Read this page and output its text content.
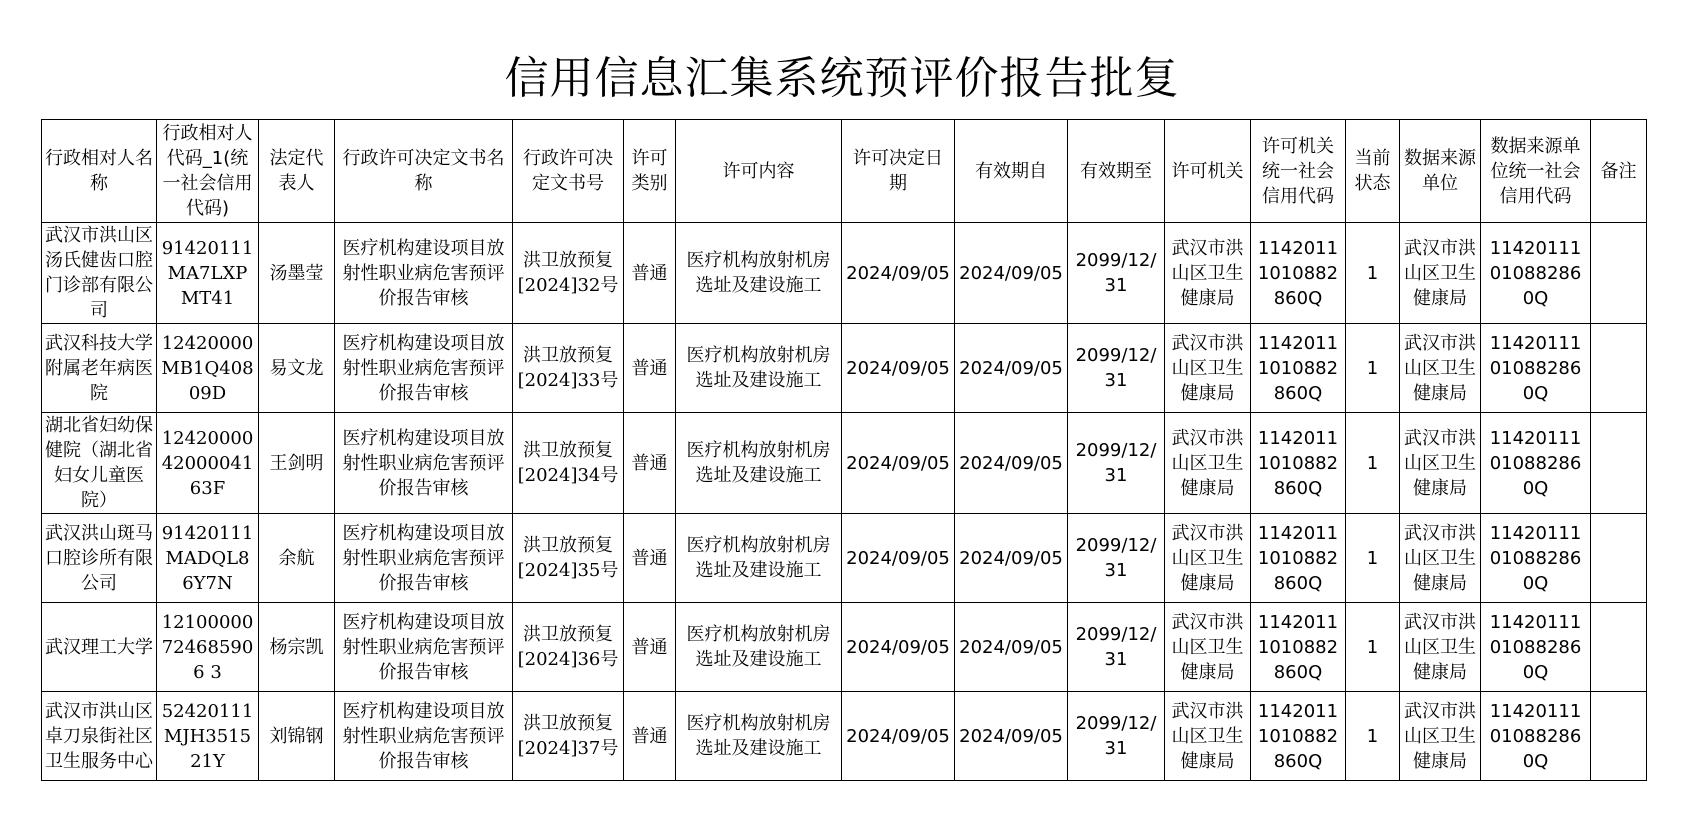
信用信息汇集系统预评价报告批复
行政相对人名称	行政相对人代码_1(统一社会信用代码)	法定代表人	行政许可决定文书名称	行政许可决定文书号	许可类别	许可内容	许可决定日期	有效期自	有效期至	许可机关	许可机关统一社会信用代码	当前状态	数据来源单位	数据来源单位统一社会信用代码	备注
武汉市洪山区汤氏健齿口腔门诊部有限公司	91420111MA7LXPMT41	汤墨莹	医疗机构建设项目放射性职业病危害预评价报告审核	洪卫放预复[2024]32号	普通	医疗机构放射机房选址及建设施工	2024/09/05	2024/09/05	2099/12/31	武汉市洪山区卫生健康局	11420111010882860Q	1	武汉市洪山区卫生健康局	11420111010882860Q	
武汉科技大学附属老年病医院	12420000MB1Q40809D	易文龙	医疗机构建设项目放射性职业病危害预评价报告审核	洪卫放预复[2024]33号	普通	医疗机构放射机房选址及建设施工	2024/09/05	2024/09/05	2099/12/31	武汉市洪山区卫生健康局	11420111010882860Q	1	武汉市洪山区卫生健康局	11420111010882860Q	
湖北省妇幼保健院（湖北省妇女儿童医院）	124200004200004163F	王剑明	医疗机构建设项目放射性职业病危害预评价报告审核	洪卫放预复[2024]34号	普通	医疗机构放射机房选址及建设施工	2024/09/05	2024/09/05	2099/12/31	武汉市洪山区卫生健康局	11420111010882860Q	1	武汉市洪山区卫生健康局	11420111010882860Q	
武汉洪山斑马口腔诊所有限公司	91420111MADQL86Y7N	余航	医疗机构建设项目放射性职业病危害预评价报告审核	洪卫放预复[2024]35号	普通	医疗机构放射机房选址及建设施工	2024/09/05	2024/09/05	2099/12/31	武汉市洪山区卫生健康局	11420111010882860Q	1	武汉市洪山区卫生健康局	11420111010882860Q	
武汉理工大学	12100000724685906 3	杨宗凯	医疗机构建设项目放射性职业病危害预评价报告审核	洪卫放预复[2024]36号	普通	医疗机构放射机房选址及建设施工	2024/09/05	2024/09/05	2099/12/31	武汉市洪山区卫生健康局	11420111010882860Q	1	武汉市洪山区卫生健康局	11420111010882860Q	
武汉市洪山区卓刀泉街社区卫生服务中心	52420111MJH351521Y	刘锦钢	医疗机构建设项目放射性职业病危害预评价报告审核	洪卫放预复[2024]37号	普通	医疗机构放射机房选址及建设施工	2024/09/05	2024/09/05	2099/12/31	武汉市洪山区卫生健康局	11420111010882860Q	1	武汉市洪山区卫生健康局	11420111010882860Q	
